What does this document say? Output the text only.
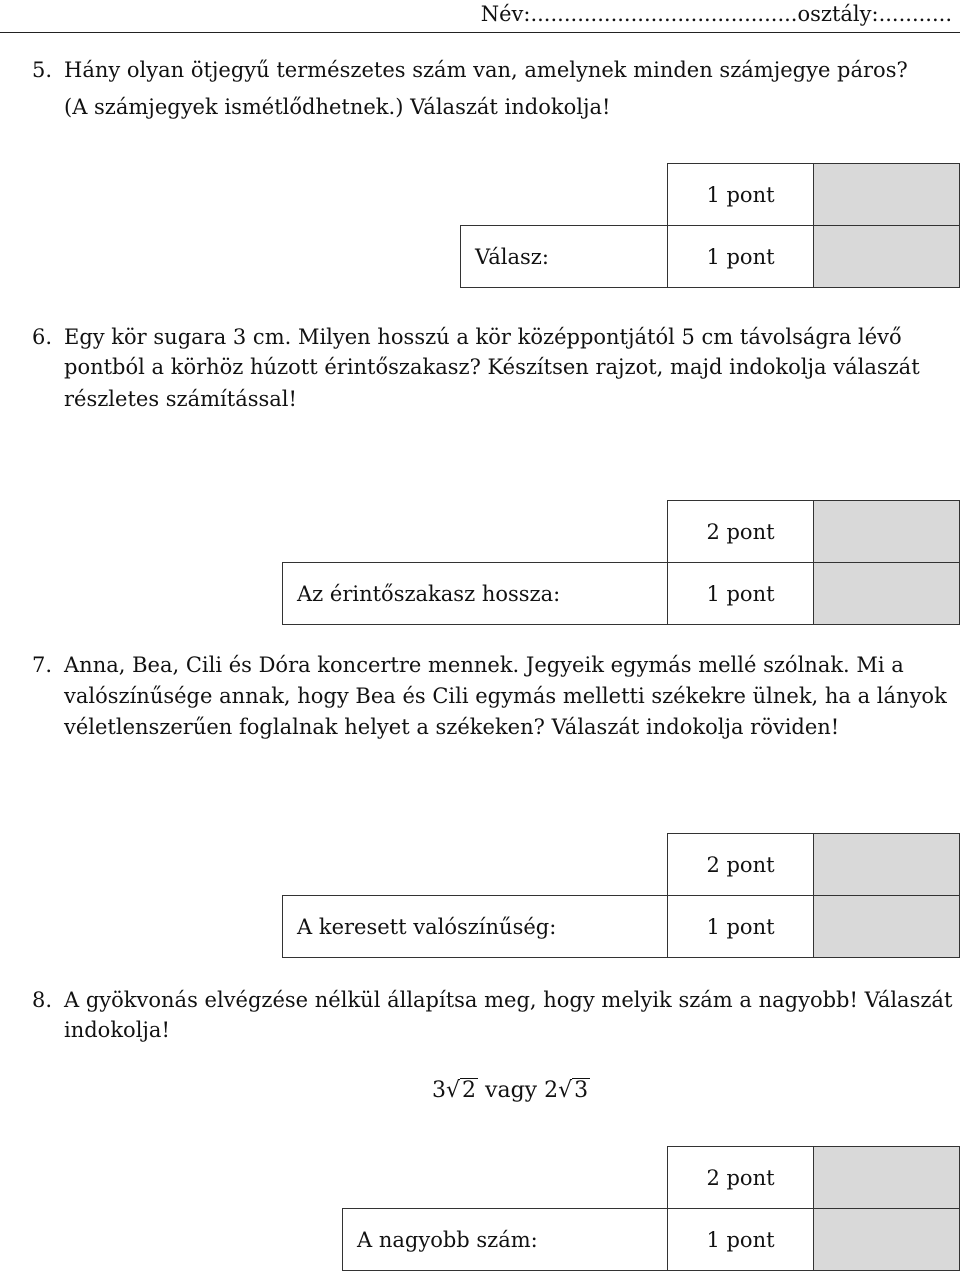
Név:........................................osztály:...........
5. Hány olyan ötjegyű természetes szám van, amelynek minden számjegye páros?
(A számjegyek ismétlődhetnek.) Válaszát indokolja!
	1 pont	
Válasz:	1 pont	
6. Egy kör sugara 3 cm. Milyen hosszú a kör középpontjától 5 cm távolságra lévő
pontból a körhöz húzott érintőszakasz? Készítsen rajzot, majd indokolja válaszát
részletes számítással!
	2 pont	
Az érintőszakasz hossza:	1 pont	
7. Anna, Bea, Cili és Dóra koncertre mennek. Jegyeik egymás mellé szólnak. Mi a
valószínűsége annak, hogy Bea és Cili egymás melletti székekre ülnek, ha a lányok
véletlenszerűen foglalnak helyet a székeken? Válaszát indokolja röviden!
	2 pont	
A keresett valószínűség:	1 pont	
8. A gyökvonás elvégzése nélkül állapítsa meg, hogy melyik szám a nagyobb! Válaszát
indokolja!
3√2 vagy 2√3
	2 pont	
A nagyobb szám:	1 pont	
